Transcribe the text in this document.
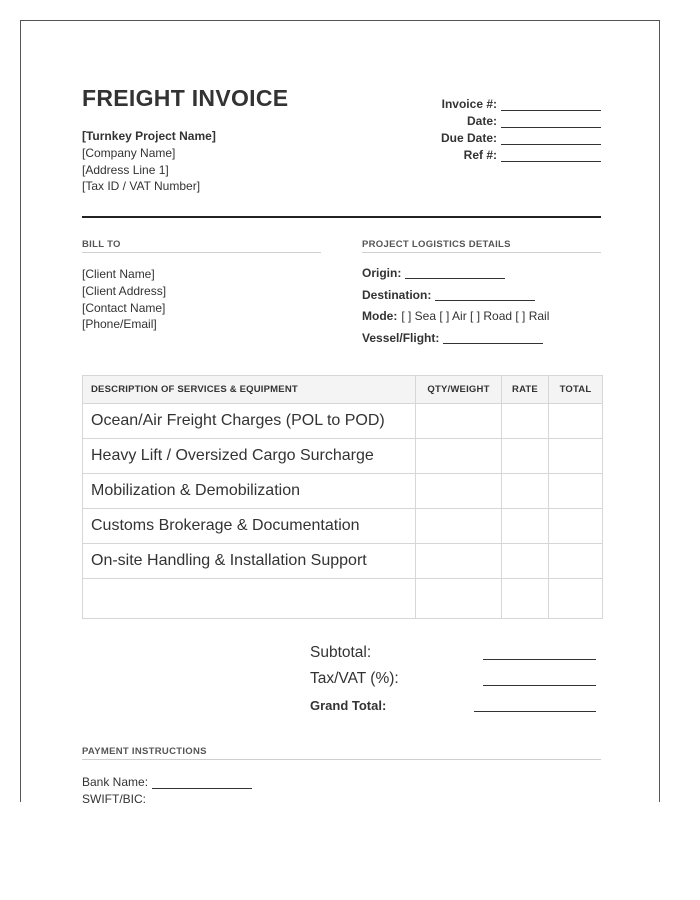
FREIGHT INVOICE
[Turnkey Project Name]
[Company Name]
[Address Line 1]
[Tax ID / VAT Number]
Invoice #:
Date:
Due Date:
Ref #:
BILL TO
[Client Name]
[Client Address]
[Contact Name]
[Phone/Email]
PROJECT LOGISTICS DETAILS
Origin:
Destination:
Mode: [ ] Sea [ ] Air [ ] Road [ ] Rail
Vessel/Flight:
DESCRIPTION OF SERVICES & EQUIPMENT	QTY/WEIGHT	RATE	TOTAL
Ocean/Air Freight Charges (POL to POD)			
Heavy Lift / Oversized Cargo Surcharge			
Mobilization & Demobilization			
Customs Brokerage & Documentation			
On-site Handling & Installation Support			

Subtotal:
Tax/VAT (%):
Grand Total:
PAYMENT INSTRUCTIONS
Bank Name:
SWIFT/BIC:
